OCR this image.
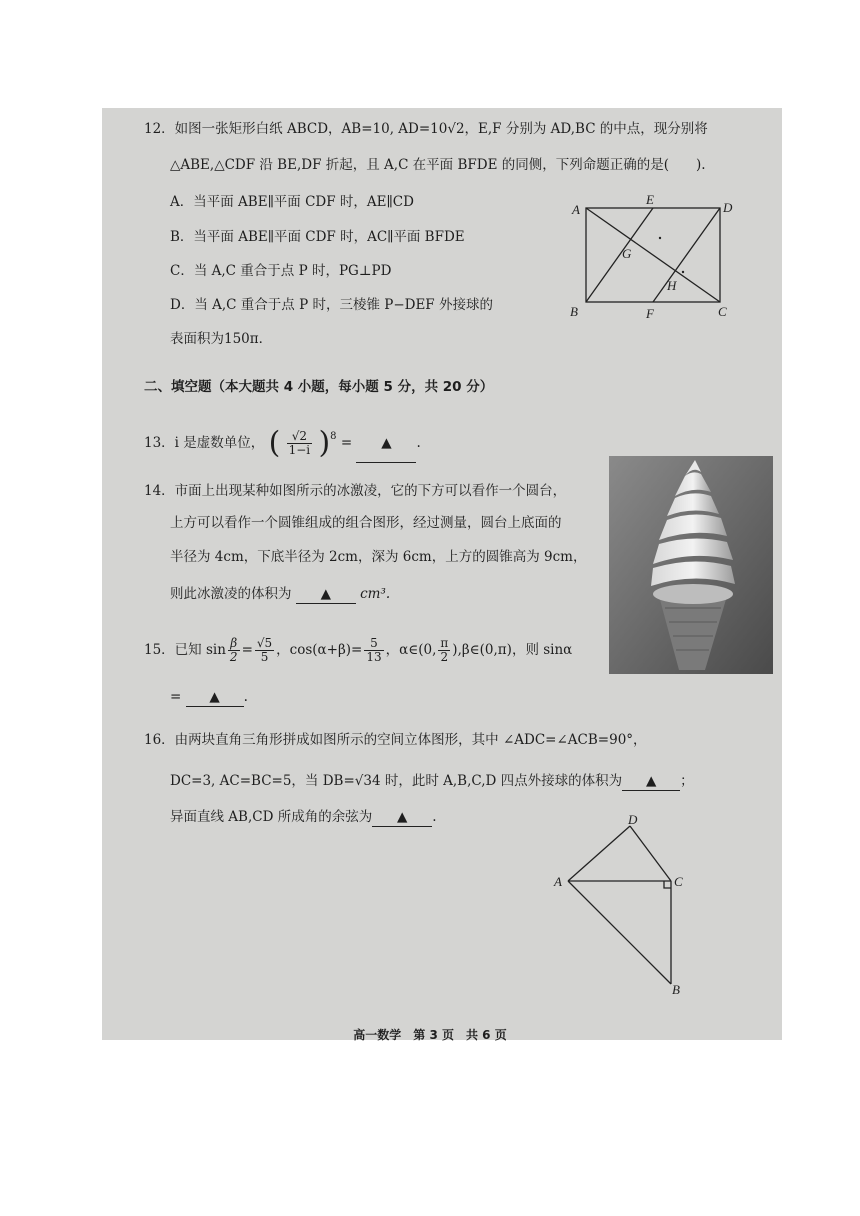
12．如图一张矩形白纸 ABCD，AB=10, AD=10√2，E,F 分别为 AD,BC 的中点，现分别将
△ABE,△CDF 沿 BE,DF 折起，且 A,C 在平面 BFDE 的同侧，下列命题正确的是(　　).
A．当平面 ABE∥平面 CDF 时，AE∥CD
B．当平面 ABE∥平面 CDF 时，AC∥平面 BFDE
C．当 A,C 重合于点 P 时，PG⊥PD
D．当 A,C 重合于点 P 时，三棱锥 P−DEF 外接球的
表面积为150π．
A
E
D
G
H
B	F	C
二、填空题（本大题共 4 小题，每小题 5 分，共 20 分）
13．i 是虚数单位， ( $\frac{√2}{1-i} )^8$ = ▲ .
14．市面上出现某种如图所示的冰激凌，它的下方可以看作一个圆台，
上方可以看作一个圆锥组成的组合图形，经过测量，圆台上底面的
半径为 4cm，下底半径为 2cm，深为 6cm，上方的圆锥高为 9cm，
则此冰激凌的体积为 ▲ cm³.
15．已知 $\sin \frac{\beta}{2} = \frac{√5}{5}$ ，$\cos(\alpha+\beta)= \frac{5}{13}$ ，α∈(0, $\frac{\pi}{2}$ ),β∈(0,π)，则 sinα
= ▲ .
16．由两块直角三角形拼成如图所示的空间立体图形，其中 ∠ADC=∠ACB=90°，
DC=3, AC=BC=5，当 DB=√34 时，此时 A,B,C,D 四点外接球的体积为 ▲ ；
异面直线 AB,CD 所成角的余弦为 ▲ .	D
A	C
B
高一数学　第 3 页　共 6 页
